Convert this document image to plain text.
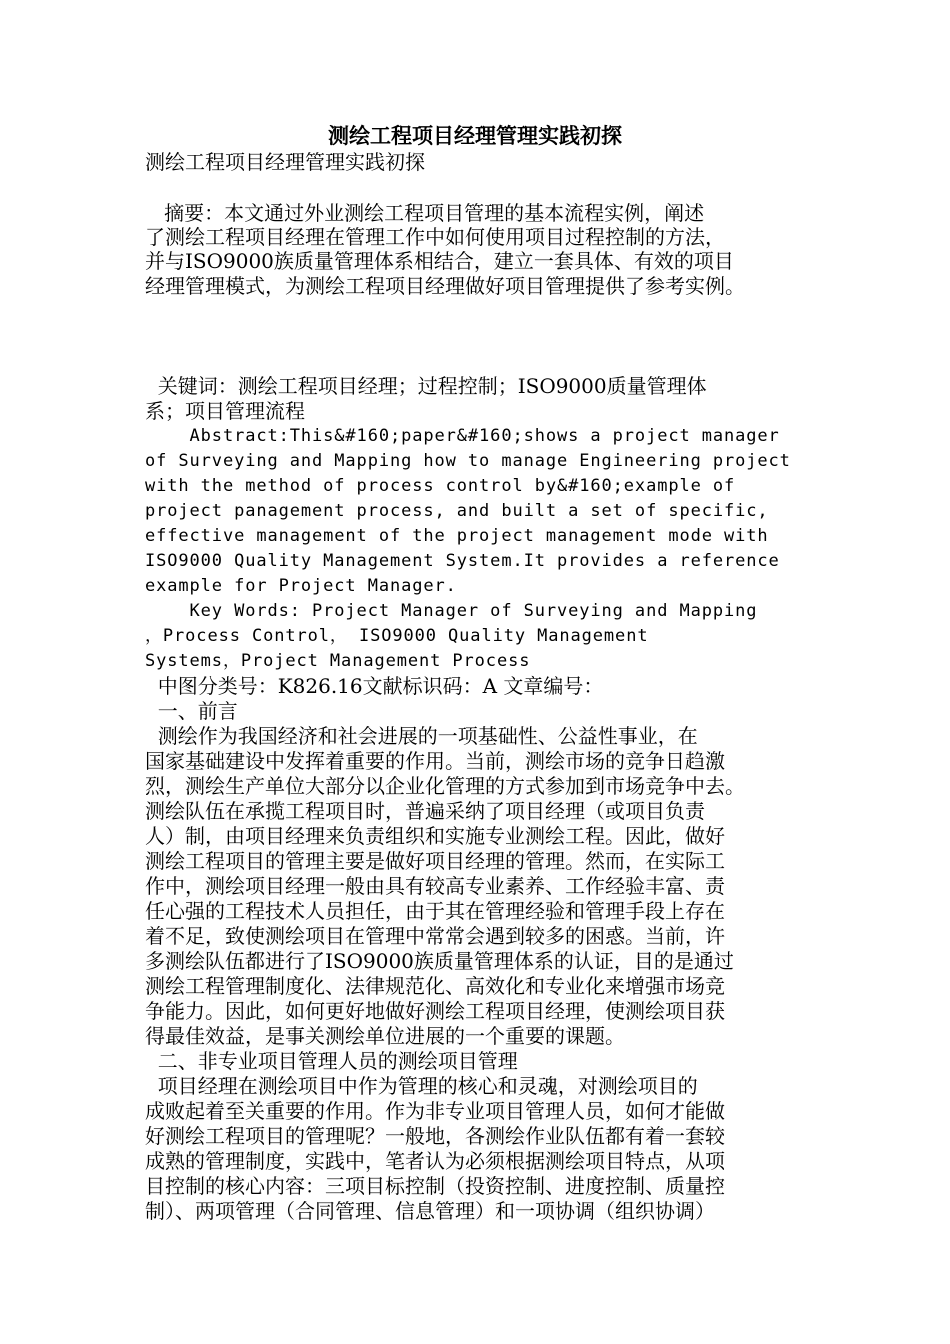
测绘工程项目经理管理实践初探
测绘工程项目经理管理实践初探
摘要：本文通过外业测绘工程项目管理的基本流程实例，阐述
了测绘工程项目经理在管理工作中如何使用项目过程控制的方法，
并与ISO9000族质量管理体系相结合，建立一套具体、有效的项目
经理管理模式，为测绘工程项目经理做好项目管理提供了参考实例。
关键词：测绘工程项目经理；过程控制；ISO9000质量管理体
系；项目管理流程
Abstract:This&#160;paper&#160;shows a project manager
of Surveying and Mapping how to manage Engineering project
with the method of process control by&#160;example of
project panagement process, and built a set of specific,
effective management of the project management mode with
ISO9000 Quality Management System.It provides a reference
example for Project Manager.
Key Words: Project Manager of Surveying and Mapping
，Process Control， ISO9000 Quality Management
Systems，Project Management Process
中图分类号：K826.16文献标识码：A 文章编号：
一、前言
测绘作为我国经济和社会进展的一项基础性、公益性事业，在
国家基础建设中发挥着重要的作用。当前，测绘市场的竞争日趋激
烈，测绘生产单位大部分以企业化管理的方式参加到市场竞争中去。
测绘队伍在承揽工程项目时，普遍采纳了项目经理（或项目负责
人）制，由项目经理来负责组织和实施专业测绘工程。因此，做好
测绘工程项目的管理主要是做好项目经理的管理。然而，在实际工
作中，测绘项目经理一般由具有较高专业素养、工作经验丰富、责
任心强的工程技术人员担任，由于其在管理经验和管理手段上存在
着不足，致使测绘项目在管理中常常会遇到较多的困惑。当前，许
多测绘队伍都进行了ISO9000族质量管理体系的认证，目的是通过
测绘工程管理制度化、法律规范化、高效化和专业化来增强市场竞
争能力。因此，如何更好地做好测绘工程项目经理，使测绘项目获
得最佳效益，是事关测绘单位进展的一个重要的课题。
二、非专业项目管理人员的测绘项目管理
项目经理在测绘项目中作为管理的核心和灵魂，对测绘项目的
成败起着至关重要的作用。作为非专业项目管理人员，如何才能做
好测绘工程项目的管理呢？一般地，各测绘作业队伍都有着一套较
成熟的管理制度，实践中，笔者认为必须根据测绘项目特点，从项
目控制的核心内容：三项目标控制（投资控制、进度控制、质量控
制）、两项管理（合同管理、信息管理）和一项协调（组织协调）
